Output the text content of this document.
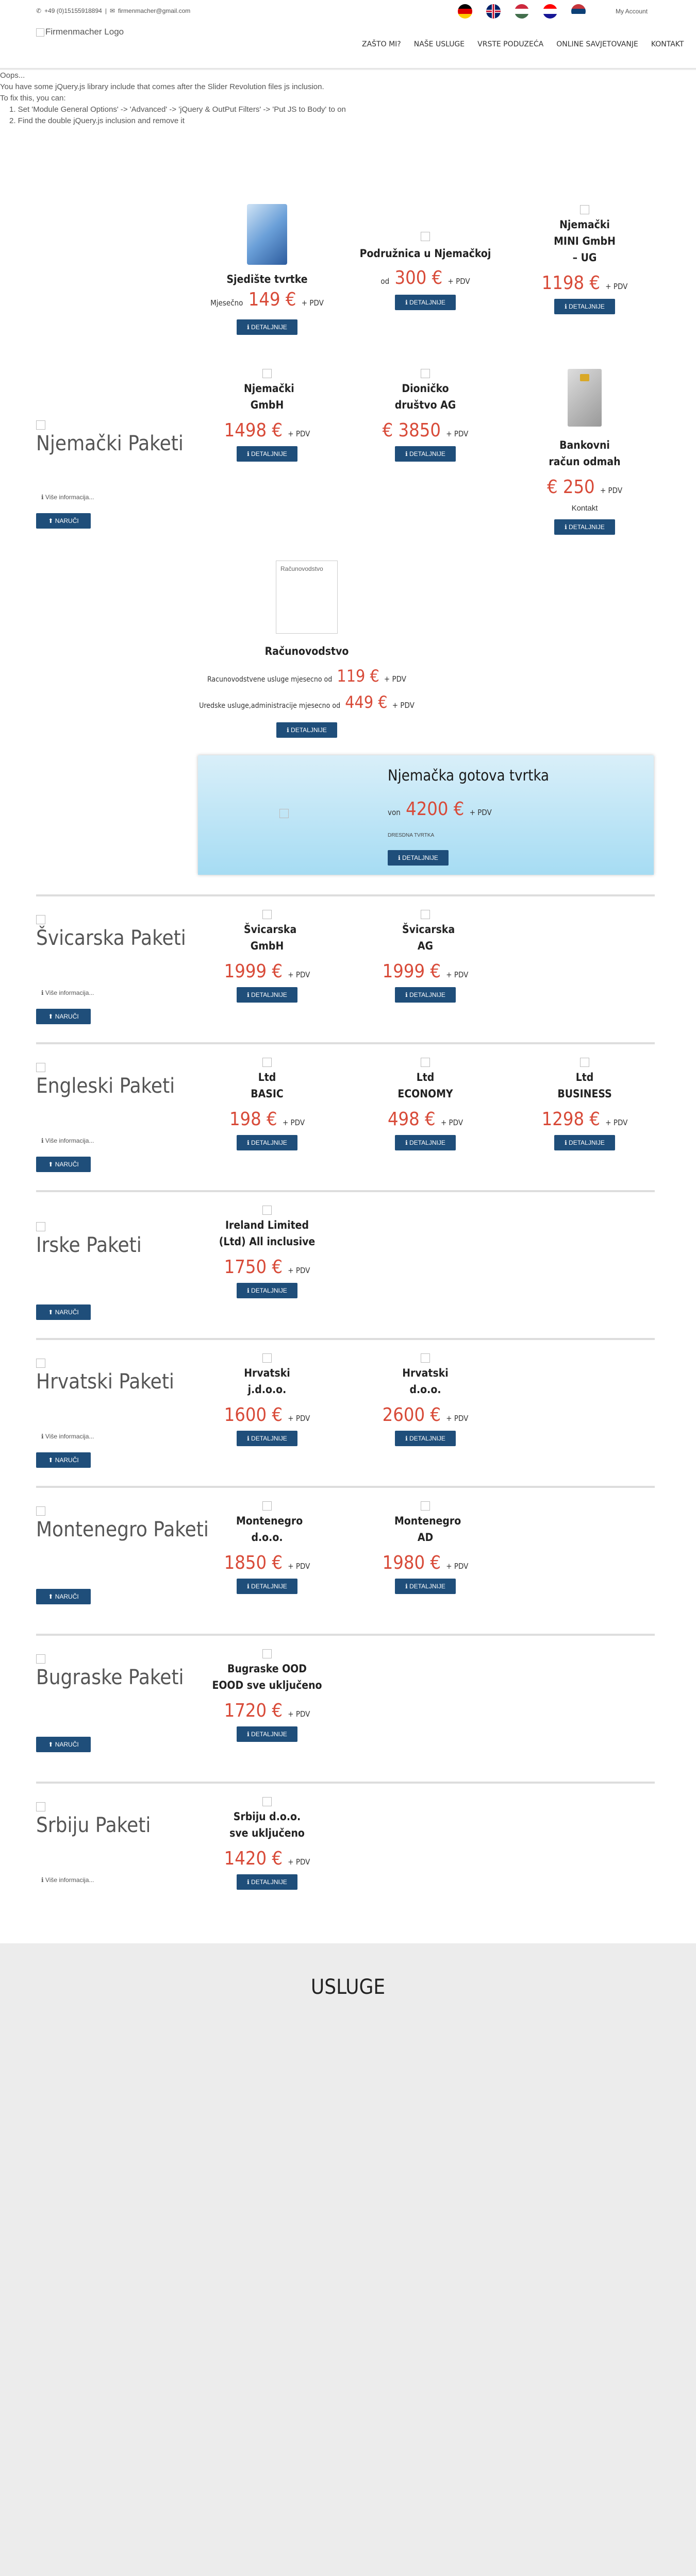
✆ +49 (0)15155918894 | ✉ firmenmacher@gmail.com	My Account
Firmenmacher Logo
ZAŠTO MI? NAŠE USLUGE VRSTE PODUZEĆA ONLINE SAVJETOVANJE KONTAKT

Oops...

You have some jQuery.js library include that comes after the Slider Revolution files js inclusion.

To fix this, you can:

1. Set 'Module General Options' -> 'Advanced' -> 'jQuery & OutPut Filters' -> 'Put JS to Body' to on

2. Find the double jQuery.js inclusion and remove it

Njemački Paketi
ℹ Više informacija...
⬆ NARUČI
Sjedište tvrtke
Mjesečno 149 € + PDV
ℹ DETALJNIJE
Podružnica u Njemačkoj
od 300 € + PDV
ℹ DETALJNIJE
Njemački MINI GmbH – UG
1198 € + PDV
ℹ DETALJNIJE
Njemački GmbH
1498 € + PDV
ℹ DETALJNIJE
Dioničko društvo AG
€ 3850 + PDV
ℹ DETALJNIJE
Bankovni račun odmah
€ 250 + PDV
Kontakt
ℹ DETALJNIJE
Računovodstvo
Računovodstvo
Racunovodstvene usluge mjesecno od 119 € + PDV
Uredske usluge,administracije mjesecno od 449 € + PDV
ℹ DETALJNIJE
Njemačka gotova tvrtka
von 4200 € + PDV
DRESDNA TVRTKA
ℹ DETALJNIJE
Švicarska Paketi
ℹ Više informacija...
⬆ NARUČI
Švicarska GmbH
1999 € + PDV
ℹ DETALJNIJE
Švicarska AG
1999 € + PDV
ℹ DETALJNIJE
Engleski Paketi
ℹ Više informacija...
⬆ NARUČI
Ltd BASIC
198 € + PDV
ℹ DETALJNIJE
Ltd ECONOMY
498 € + PDV
ℹ DETALJNIJE
Ltd BUSINESS
1298 € + PDV
ℹ DETALJNIJE
Irske Paketi
⬆ NARUČI
Ireland Limited (Ltd) All inclusive
1750 € + PDV
ℹ DETALJNIJE
Hrvatski Paketi
ℹ Više informacija...
⬆ NARUČI
Hrvatski j.d.o.o.
1600 € + PDV
ℹ DETALJNIJE
Hrvatski d.o.o.
2600 € + PDV
ℹ DETALJNIJE
Montenegro Paketi
⬆ NARUČI
Montenegro d.o.o.
1850 € + PDV
ℹ DETALJNIJE
Montenegro AD
1980 € + PDV
ℹ DETALJNIJE
Bugraske Paketi
⬆ NARUČI
Bugraske OOD EOOD sve uključeno
1720 € + PDV
ℹ DETALJNIJE
Srbiju Paketi
ℹ Više informacija...
Srbiju d.o.o. sve uključeno
1420 € + PDV
ℹ DETALJNIJE
USLUGE
